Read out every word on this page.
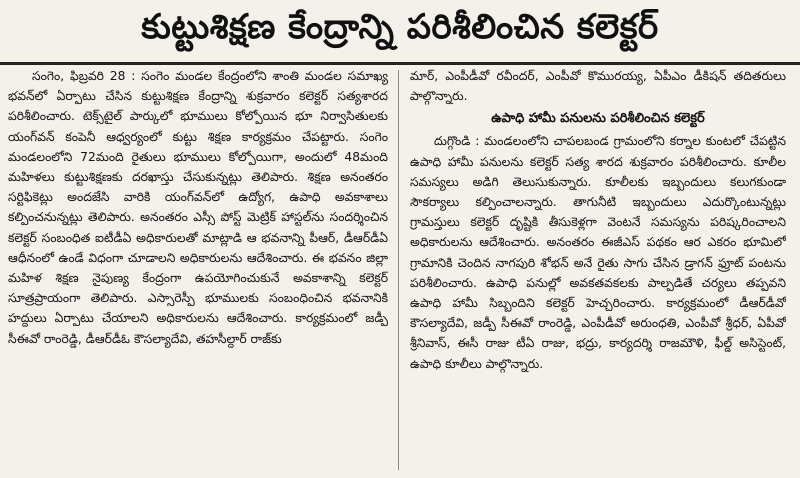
కుట్టుశిక్షణ కేంద్రాన్ని పరిశీలించిన కలెక్టర్

సంగెం, ఫిబ్రవరి 28 : సంగెం మండల కేంద్రంలోని శాంతి మండల సమాఖ్య భవన్‌లో ఏర్పాటు చేసిన కుట్టుశిక్షణ కేంద్రాన్ని శుక్రవారం కలెక్టర్ సత్యశారద పరిశీలించారు. టెక్స్‌టైల్ పార్కులో భూములు కోల్పోయిన భూ నిర్వాసితులకు యంగ్‌వన్ కంపెనీ ఆధ్వర్యంలో కుట్టు శిక్షణ కార్యక్రమం చేపట్టారు. సంగెం మండలంలోని 72మంది రైతులు భూములు కోల్పోయిగా, అందులో 48మంది మహిళలు కుట్టుశిక్షణకు దరఖాస్తు చేసుకున్నట్లు తెలిపారు. శిక్షణ అనంతరం సర్టిఫికెట్లు అందజేసి వారికి యంగ్‌వన్‌లో ఉద్యోగ, ఉపాధి అవకాశాలు కల్పించనున్నట్లు తెలిపారు. అనంతరం ఎస్సీ పోస్ట్ మెట్రిక్ హాస్టల్‌ను సందర్శించిన కలెక్టర్ సంబంధిత ఐటీడీఏ అధికారులతో మాట్లాడి ఆ భవనాన్ని పీఆర్, డీఆర్‌డీఏ ఆధీనంలో ఉండే విధంగా చూడాలని అధికారులను ఆదేశించారు. ఈ భవనం జిల్లా మహిళ శిక్షణ నైపుణ్య కేంద్రంగా ఉపయోగించుకునే అవకాశాన్ని కలెక్టర్ సూత్రప్రాయంగా తెలిపారు. ఎస్సారెస్పీ భూములకు సంబంధించిన భవనానికి హద్దులు ఏర్పాటు చేయాలని అధికారులను ఆదేశించారు. కార్యక్రమంలో జడ్పీ సీఈవో రాంరెడ్డి, డీఆర్‌డీఓ కౌసల్యాదేవి, తహసీల్దార్ రాజ్‌కు

మార్, ఎంపీడీవో రవీందర్, ఎంపీవో కొమురయ్య, ఏపీఎం డీకిషన్ తదితరులు పాల్గొన్నారు.

ఉపాధి హామీ పనులను పరిశీలించిన కలెక్టర్

దుగ్గొండి : మండలంలోని చాపలబండ గ్రామంలోని కర్నాల కుంటలో చేపట్టిన ఉపాధి హామీ పనులను కలెక్టర్ సత్య శారద శుక్రవారం పరిశీలించారు. కూలీల సమస్యలు అడిగి తెలుసుకున్నారు. కూలీలకు ఇబ్బందులు కలుగకుండా సౌకర్యాలు కల్పించాలన్నారు. తాగునీటి ఇబ్బందులు ఎదుర్కొంటున్నట్లు గ్రామస్తులు కలెక్టర్ దృష్టికి తీసుకెళ్లగా వెంటనే సమస్యను పరిష్కరించాలని అధికారులను ఆదేశించారు. అనంతరం ఈజీఎస్ పథకం ఆర ఎకరం భూమిలో గ్రామానికి చెందిన నాగపురి శోభన్ అనే రైతు సాగు చేసిన డ్రాగన్ ఫ్రూట్ పంటను పరిశీలించారు. ఉపాధి పనుల్లో అవకతవకలకు పాల్పడితే చర్యలు తప్పవని ఉపాధి హామీ సిబ్బందిని కలెక్టర్ హెచ్చరించారు. కార్యక్రమంలో డీఆర్‌డీవో కౌసల్యాదేవి, జడ్పీ సీఈవో రాంరెడ్డి, ఎంపీడీవో అరుంధతి, ఎంపీవో శ్రీధర్, ఏపీవో శ్రీనివాస్, ఈసీ రాజు టీఏ రాజు, భద్రు, కార్యదర్శి రాజమౌళి, ఫీల్డ్ అసిస్టెంట్, ఉపాధి కూలీలు పాల్గొన్నారు.
